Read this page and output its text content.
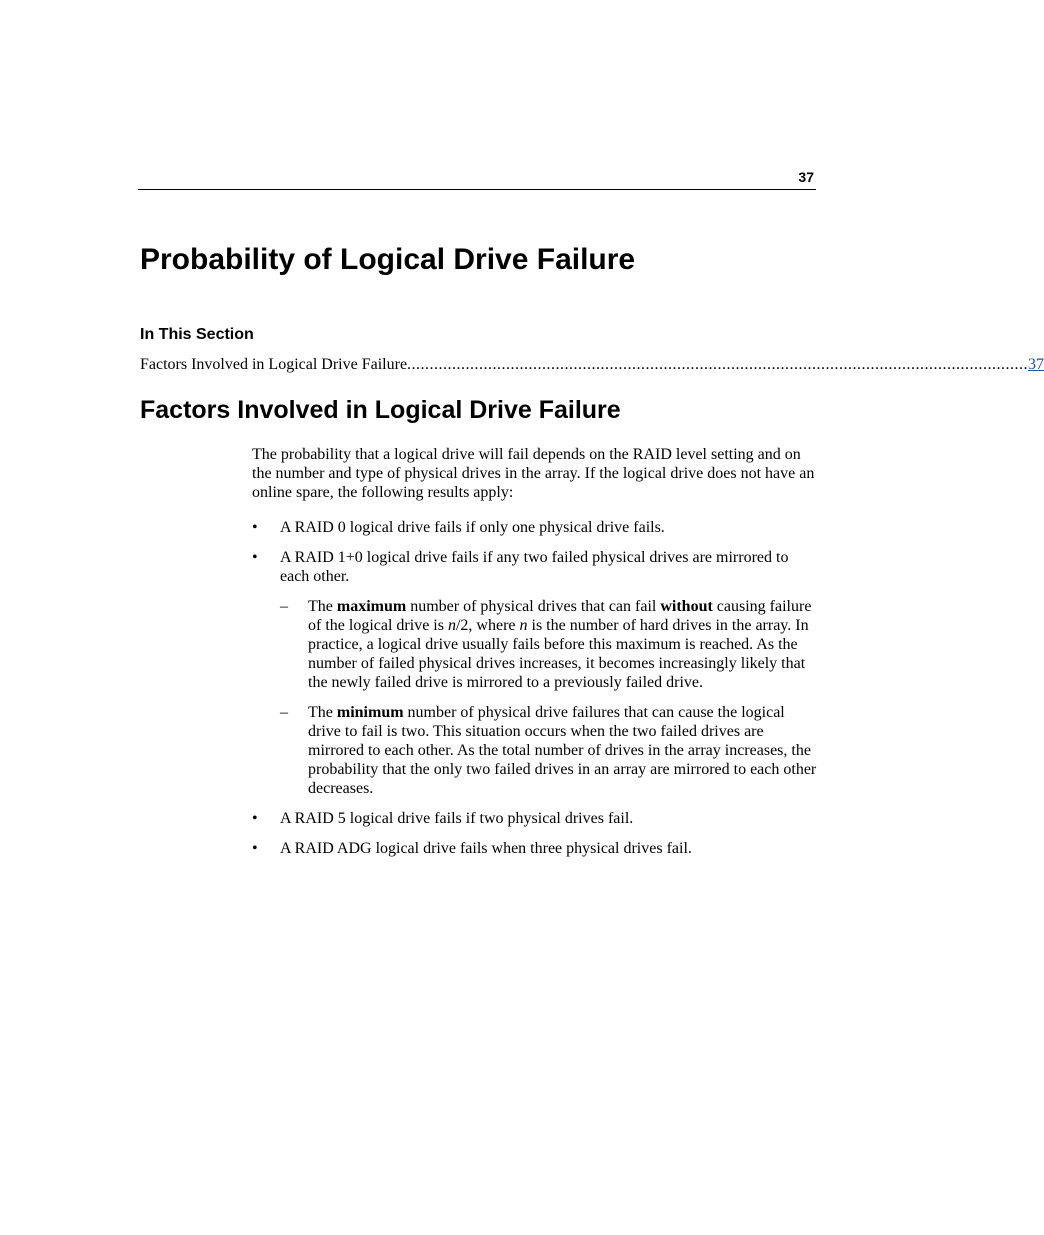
37
Probability of Logical Drive Failure
In This Section
Factors Involved in Logical Drive Failure .......................................................................................................................................... 37
Factors Involved in Logical Drive Failure

The probability that a logical drive will fail depends on the RAID level setting and on the number and type of physical drives in the array. If the logical drive does not have an online spare, the following results apply:

• A RAID 0 logical drive fails if only one physical drive fails.
• A RAID 1+0 logical drive fails if any two failed physical drives are mirrored to each other.
– The maximum number of physical drives that can fail without causing failure of the logical drive is n/2, where n is the number of hard drives in the array. In practice, a logical drive usually fails before this maximum is reached. As the number of failed physical drives increases, it becomes increasingly likely that the newly failed drive is mirrored to a previously failed drive.
– The minimum number of physical drive failures that can cause the logical drive to fail is two. This situation occurs when the two failed drives are mirrored to each other. As the total number of drives in the array increases, the probability that the only two failed drives in an array are mirrored to each other decreases.
• A RAID 5 logical drive fails if two physical drives fail.
• A RAID ADG logical drive fails when three physical drives fail.
